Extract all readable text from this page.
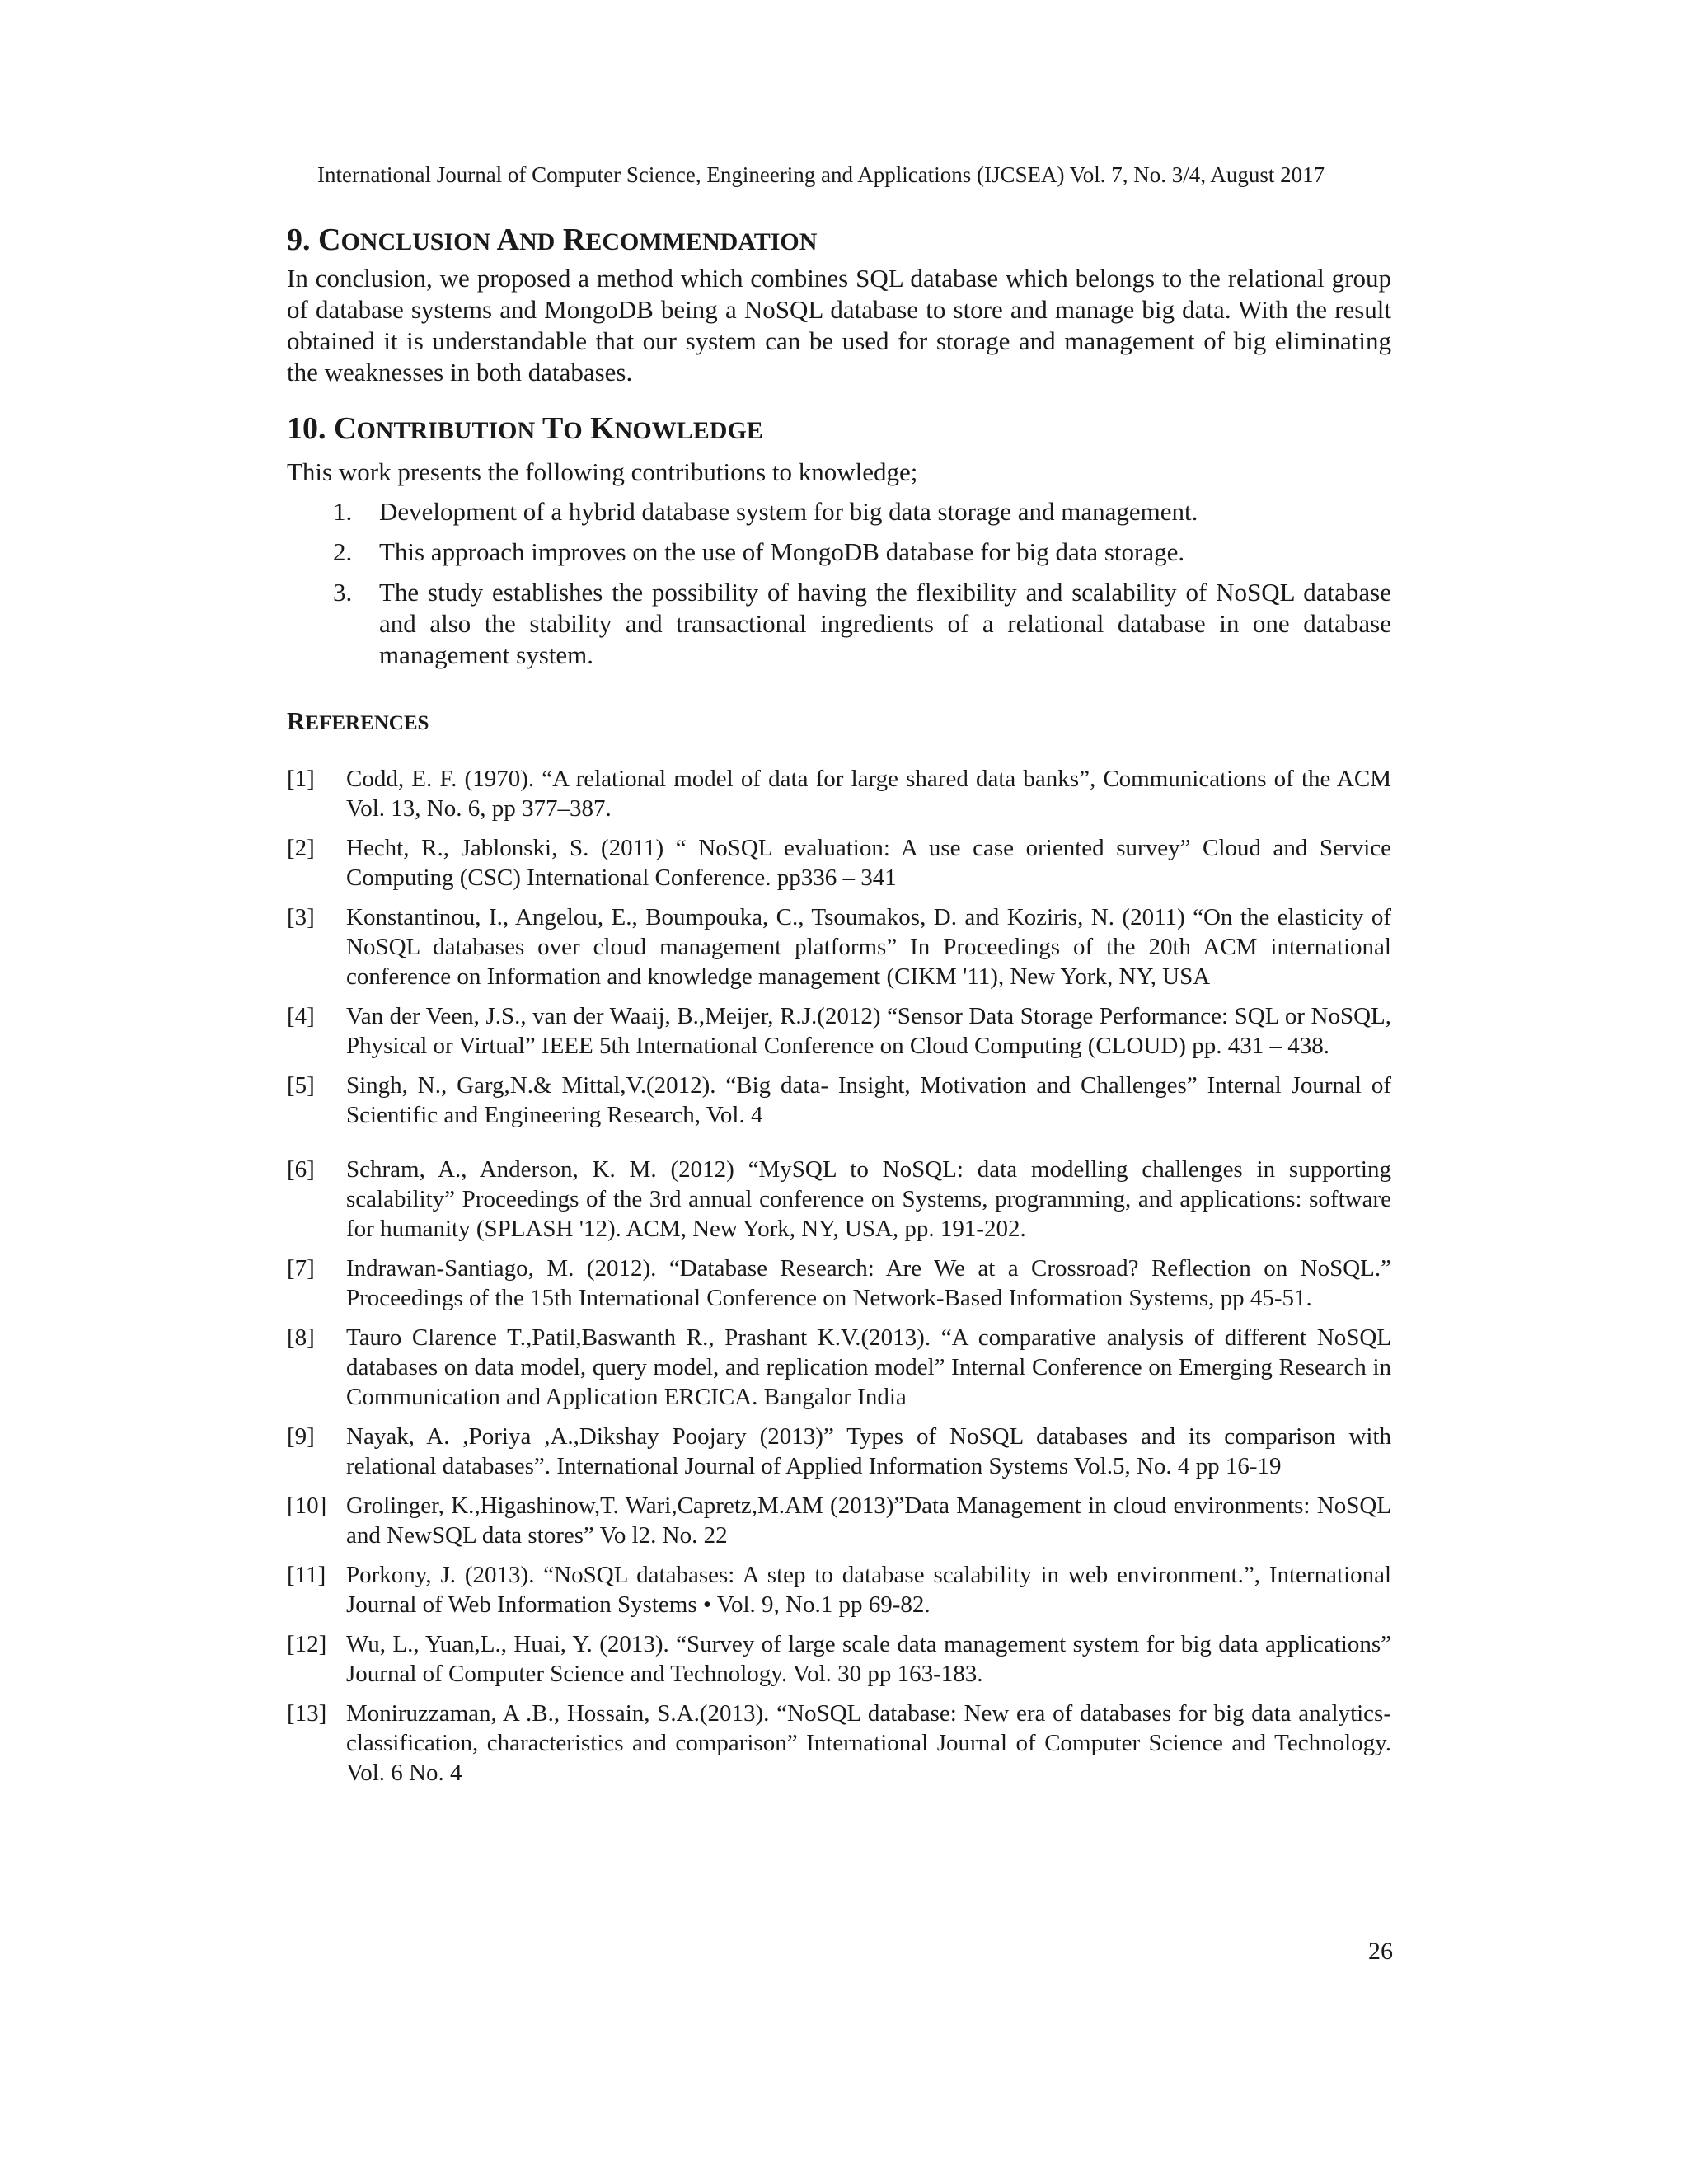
International Journal of Computer Science, Engineering and Applications (IJCSEA) Vol. 7, No. 3/4, August 2017
9. CONCLUSION AND RECOMMENDATION

In conclusion, we proposed a method which combines SQL database which belongs to the relational group of database systems and MongoDB being a NoSQL database to store and manage big data. With the result obtained it is understandable that our system can be used for storage and management of big eliminating the weaknesses in both databases.

10. CONTRIBUTION TO KNOWLEDGE
This work presents the following contributions to knowledge;
1. Development of a hybrid database system for big data storage and management.
2. This approach improves on the use of MongoDB database for big data storage.
3. The study establishes the possibility of having the flexibility and scalability of NoSQL database and also the stability and transactional ingredients of a relational database in one database management system.
REFERENCES
[1] Codd, E. F. (1970). “A relational model of data for large shared data banks”, Communications of the ACM Vol. 13, No. 6, pp 377–387.
[2] Hecht, R., Jablonski, S. (2011) “ NoSQL evaluation: A use case oriented survey” Cloud and Service Computing (CSC) International Conference. pp336 – 341
[3] Konstantinou, I., Angelou, E., Boumpouka, C., Tsoumakos, D. and Koziris, N. (2011) “On the elasticity of NoSQL databases over cloud management platforms” In Proceedings of the 20th ACM international conference on Information and knowledge management (CIKM '11), New York, NY, USA
[4] Van der Veen, J.S., van der Waaij, B.,Meijer, R.J.(2012) “Sensor Data Storage Performance: SQL or NoSQL, Physical or Virtual” IEEE 5th International Conference on Cloud Computing (CLOUD) pp. 431 – 438.
[5] Singh, N., Garg,N.& Mittal,V.(2012). “Big data- Insight, Motivation and Challenges” Internal Journal of Scientific and Engineering Research, Vol. 4
[6] Schram, A., Anderson, K. M. (2012) “MySQL to NoSQL: data modelling challenges in supporting scalability” Proceedings of the 3rd annual conference on Systems, programming, and applications: software for humanity (SPLASH '12). ACM, New York, NY, USA, pp. 191-202.
[7] Indrawan-Santiago, M. (2012). “Database Research: Are We at a Crossroad? Reflection on NoSQL.” Proceedings of the 15th International Conference on Network-Based Information Systems, pp 45-51.
[8] Tauro Clarence T.,Patil,Baswanth R., Prashant K.V.(2013). “A comparative analysis of different NoSQL databases on data model, query model, and replication model” Internal Conference on Emerging Research in Communication and Application ERCICA. Bangalor India
[9] Nayak, A. ,Poriya ,A.,Dikshay Poojary (2013)” Types of NoSQL databases and its comparison with relational databases”. International Journal of Applied Information Systems Vol.5, No. 4 pp 16-19
[10] Grolinger, K.,Higashinow,T. Wari,Capretz,M.AM (2013)”Data Management in cloud environments: NoSQL and NewSQL data stores” Vo l2. No. 22
[11] Porkony, J. (2013). “NoSQL databases: A step to database scalability in web environment.”, International Journal of Web Information Systems • Vol. 9, No.1 pp 69-82.
[12] Wu, L., Yuan,L., Huai, Y. (2013). “Survey of large scale data management system for big data applications” Journal of Computer Science and Technology. Vol. 30 pp 163-183.
[13] Moniruzzaman, A .B., Hossain, S.A.(2013). “NoSQL database: New era of databases for big data analytics-classification, characteristics and comparison” International Journal of Computer Science and Technology. Vol. 6 No. 4
26
